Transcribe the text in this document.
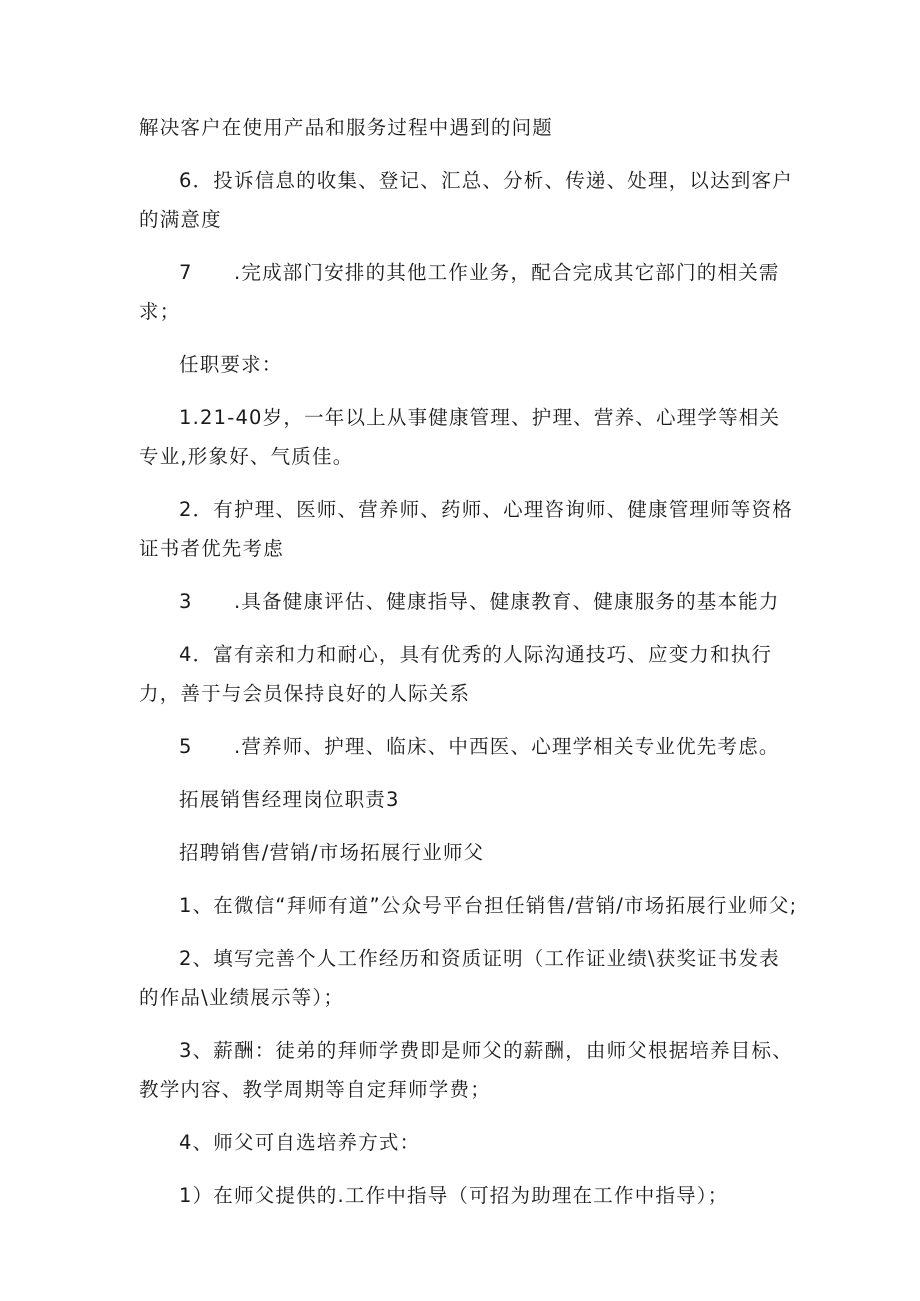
解决客户在使用产品和服务过程中遇到的问题

6．投诉信息的收集、登记、汇总、分析、传递、处理，以达到客户的满意度

7　　.完成部门安排的其他工作业务，配合完成其它部门的相关需求；

任职要求：

1.21-40岁，一年以上从事健康管理、护理、营养、心理学等相关专业,形象好、气质佳。

2．有护理、医师、营养师、药师、心理咨询师、健康管理师等资格证书者优先考虑

3　　.具备健康评估、健康指导、健康教育、健康服务的基本能力

4．富有亲和力和耐心，具有优秀的人际沟通技巧、应变力和执行力，善于与会员保持良好的人际关系

5　　.营养师、护理、临床、中西医、心理学相关专业优先考虑。

拓展销售经理岗位职责3

招聘销售/营销/市场拓展行业师父

1、在微信“拜师有道”公众号平台担任销售/营销/市场拓展行业师父;

2、填写完善个人工作经历和资质证明（工作证业绩\获奖证书发表的作品\业绩展示等）；

3、薪酬：徒弟的拜师学费即是师父的薪酬，由师父根据培养目标、教学内容、教学周期等自定拜师学费；

4、师父可自选培养方式：

1）在师父提供的.工作中指导（可招为助理在工作中指导）；
